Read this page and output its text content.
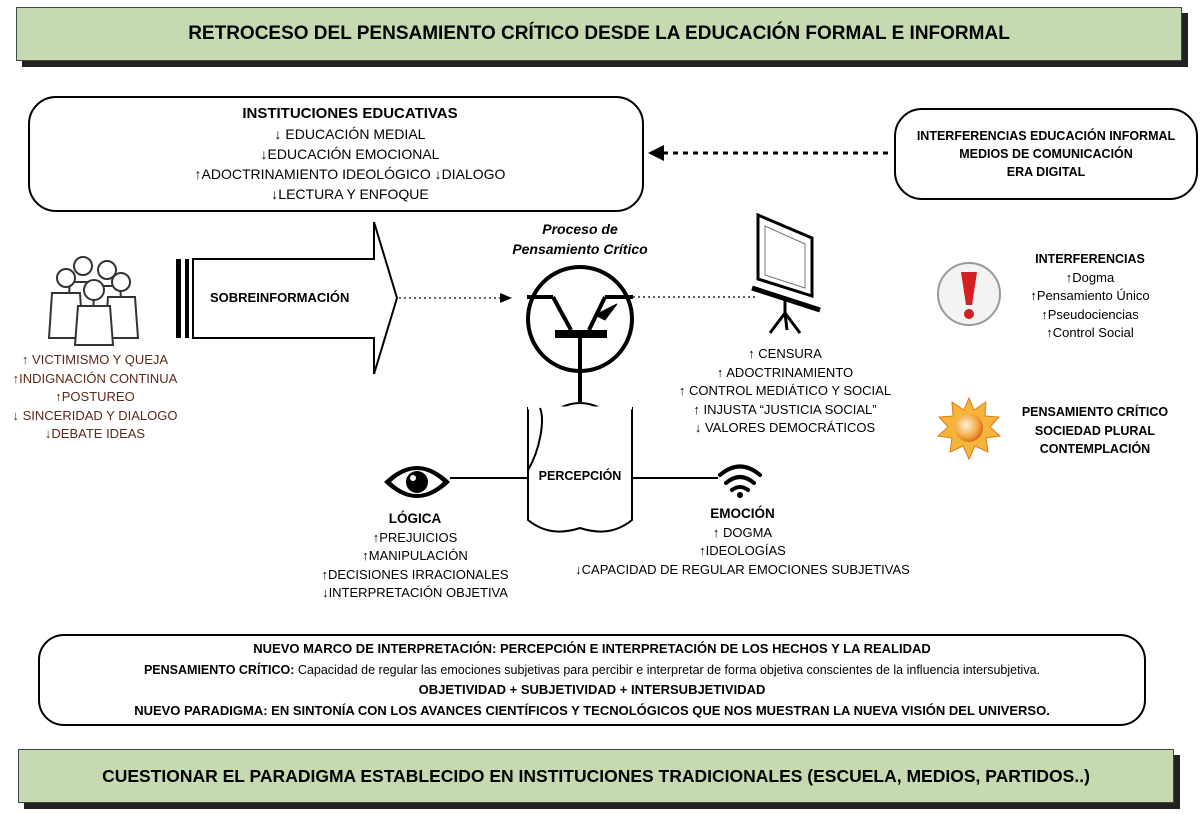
RETROCESO DEL PENSAMIENTO CRÍTICO DESDE LA EDUCACIÓN FORMAL E INFORMAL
INSTITUCIONES EDUCATIVAS
↓ EDUCACIÓN MEDIAL
↓EDUCACIÓN EMOCIONAL
↑ADOCTRINAMIENTO IDEOLÓGICO ↓DIALOGO
↓LECTURA Y ENFOQUE
INTERFERENCIAS EDUCACIÓN INFORMAL
MEDIOS DE COMUNICACIÓN
ERA DIGITAL
SOBREINFORMACIÓN
Proceso de
Pensamiento Crítico
PERCEPCIÓN
↑ VICTIMISMO Y QUEJA
↑INDIGNACIÓN CONTINUA
↑POSTUREO
↓ SINCERIDAD Y DIALOGO
↓DEBATE IDEAS
↑ CENSURA
↑ ADOCTRINAMIENTO
↑ CONTROL MEDIÁTICO Y SOCIAL
↑ INJUSTA “JUSTICIA SOCIAL”
↓ VALORES DEMOCRÁTICOS
INTERFERENCIAS
↑Dogma
↑Pensamiento Único
↑Pseudociencias
↑Control Social
PENSAMIENTO CRÍTICO
SOCIEDAD PLURAL
CONTEMPLACIÓN
LÓGICA
↑PREJUICIOS
↑MANIPULACIÓN
↑DECISIONES IRRACIONALES
↓INTERPRETACIÓN OBJETIVA
EMOCIÓN
↑ DOGMA
↑IDEOLOGÍAS
↓CAPACIDAD DE REGULAR EMOCIONES SUBJETIVAS
NUEVO MARCO DE INTERPRETACIÓN: PERCEPCIÓN E INTERPRETACIÓN DE LOS HECHOS Y LA REALIDAD
PENSAMIENTO CRÍTICO: Capacidad de regular las emociones subjetivas para percibir e interpretar de forma objetiva conscientes de la influencia intersubjetiva.
OBJETIVIDAD + SUBJETIVIDAD + INTERSUBJETIVIDAD
NUEVO PARADIGMA: EN SINTONÍA CON LOS AVANCES CIENTÍFICOS Y TECNOLÓGICOS QUE NOS MUESTRAN LA NUEVA VISIÓN DEL UNIVERSO.
CUESTIONAR EL PARADIGMA ESTABLECIDO EN INSTITUCIONES TRADICIONALES (ESCUELA, MEDIOS, PARTIDOS..)
